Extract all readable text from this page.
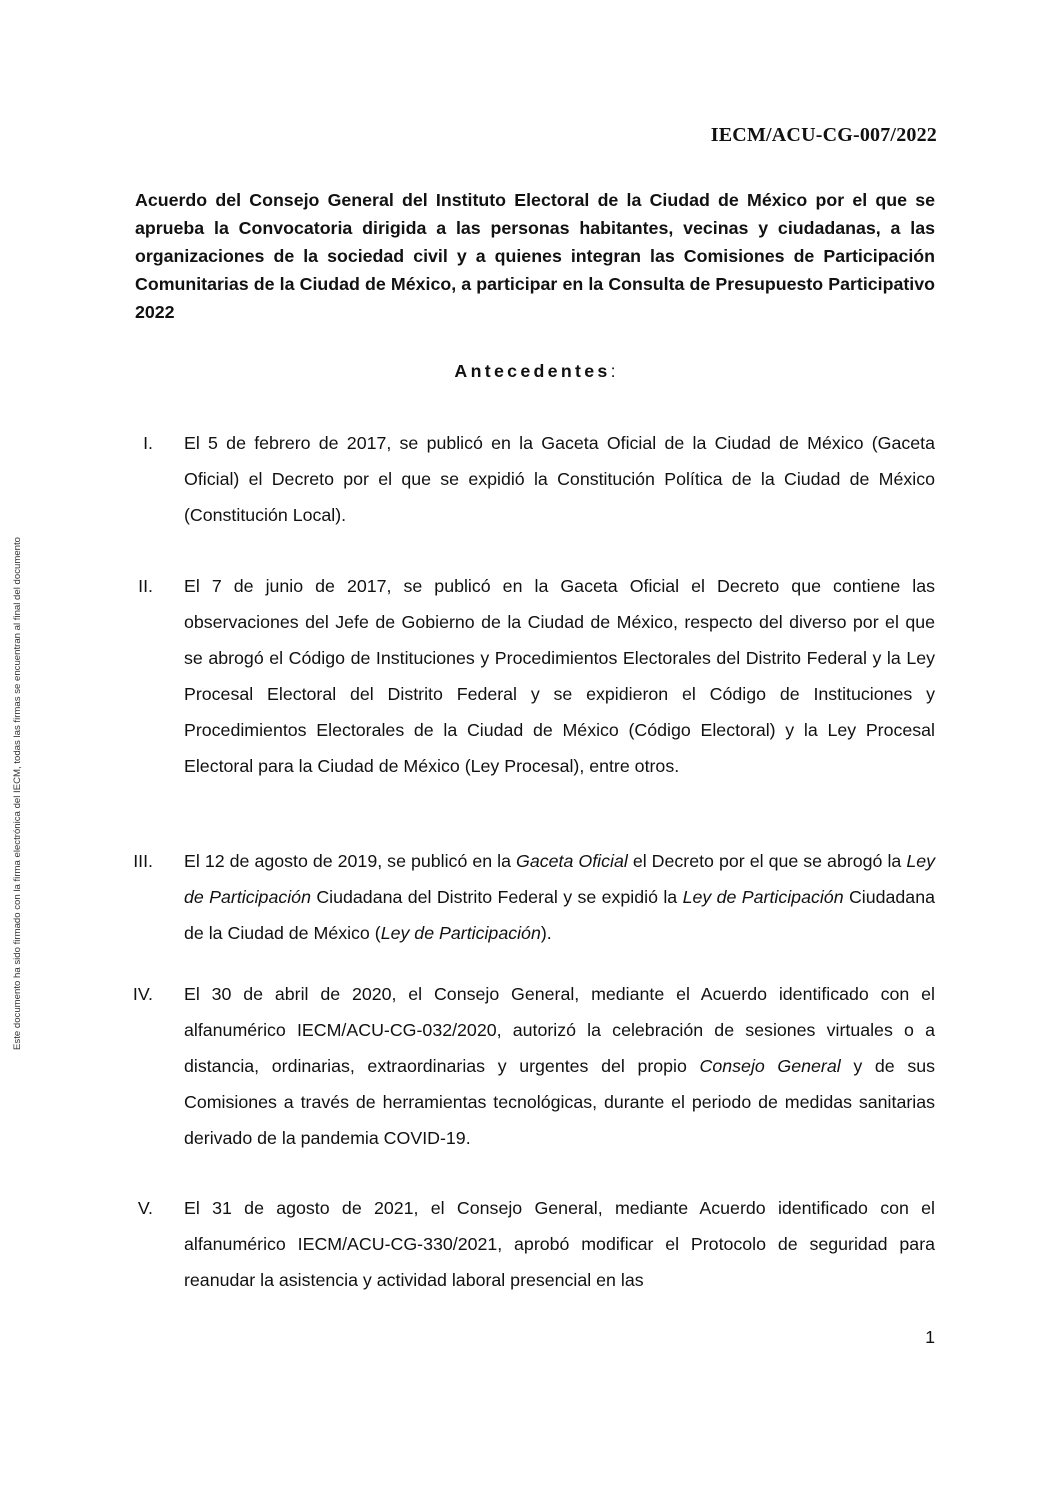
Este documento ha sido firmado con la firma electrónica del IECM, todas las firmas se encuentran al final del documento
IECM/ACU-CG-007/2022

Acuerdo del Consejo General del Instituto Electoral de la Ciudad de México por el que se aprueba la Convocatoria dirigida a las personas habitantes, vecinas y ciudadanas, a las organizaciones de la sociedad civil y a quienes integran las Comisiones de Participación Comunitarias de la Ciudad de México, a participar en la Consulta de Presupuesto Participativo 2022

Antecedentes:
I. El 5 de febrero de 2017, se publicó en la Gaceta Oficial de la Ciudad de México (Gaceta Oficial) el Decreto por el que se expidió la Constitución Política de la Ciudad de México (Constitución Local).
II. El 7 de junio de 2017, se publicó en la Gaceta Oficial el Decreto que contiene las observaciones del Jefe de Gobierno de la Ciudad de México, respecto del diverso por el que se abrogó el Código de Instituciones y Procedimientos Electorales del Distrito Federal y la Ley Procesal Electoral del Distrito Federal y se expidieron el Código de Instituciones y Procedimientos Electorales de la Ciudad de México (Código Electoral) y la Ley Procesal Electoral para la Ciudad de México (Ley Procesal), entre otros.
III. El 12 de agosto de 2019, se publicó en la Gaceta Oficial el Decreto por el que se abrogó la Ley de Participación Ciudadana del Distrito Federal y se expidió la Ley de Participación Ciudadana de la Ciudad de México (Ley de Participación).
IV. El 30 de abril de 2020, el Consejo General, mediante el Acuerdo identificado con el alfanumérico IECM/ACU-CG-032/2020, autorizó la celebración de sesiones virtuales o a distancia, ordinarias, extraordinarias y urgentes del propio Consejo General y de sus Comisiones a través de herramientas tecnológicas, durante el periodo de medidas sanitarias derivado de la pandemia COVID-19.
V. El 31 de agosto de 2021, el Consejo General, mediante Acuerdo identificado con el alfanumérico IECM/ACU-CG-330/2021, aprobó modificar el Protocolo de seguridad para reanudar la asistencia y actividad laboral presencial en las
1
